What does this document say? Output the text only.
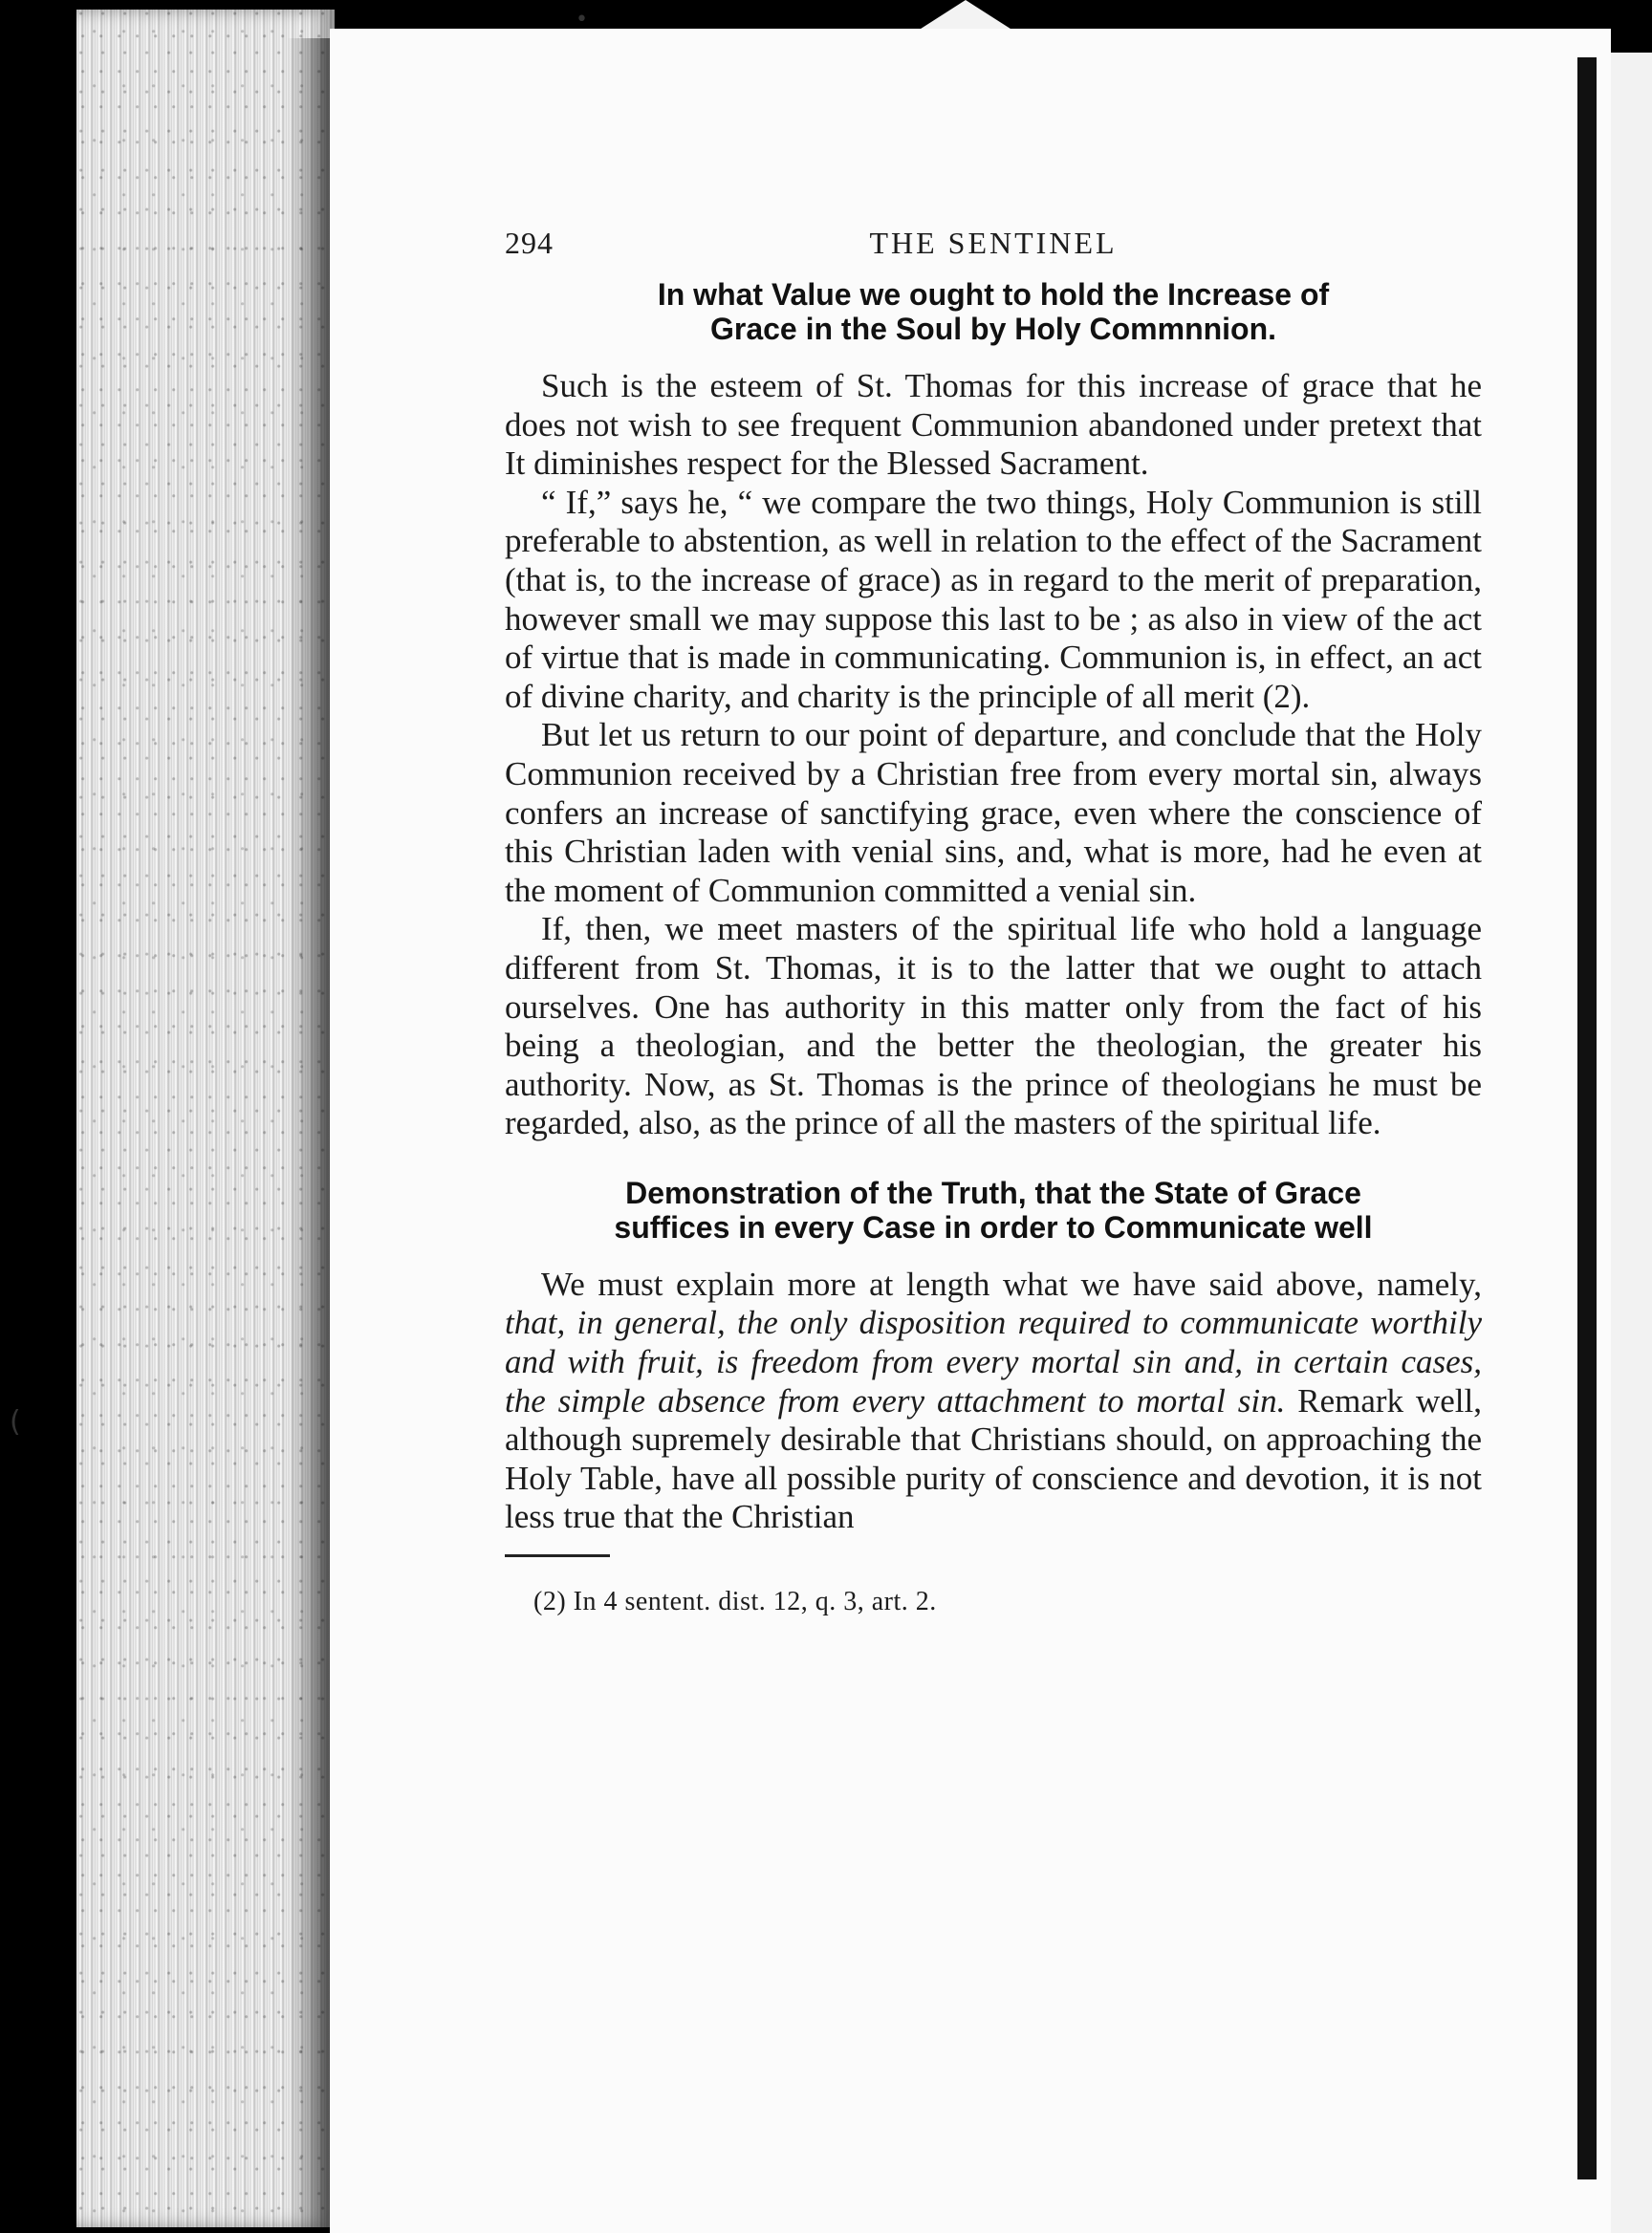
•
(
294	THE SENTINEL
In what Value we ought to hold the Increase of
Grace in the Soul by Holy Commnnion.

Such is the esteem of St. Thomas for this increase of grace that he does not wish to see frequent Communion abandoned under pretext that It diminishes respect for the Blessed Sacrament.

“ If,” says he, “ we compare the two things, Holy Communion is still preferable to abstention, as well in relation to the effect of the Sacrament (that is, to the increase of grace) as in regard to the merit of preparation, however small we may suppose this last to be ; as also in view of the act of virtue that is made in communicating. Communion is, in effect, an act of divine charity, and charity is the principle of all merit (2).

But let us return to our point of departure, and conclude that the Holy Communion received by a Christian free from every mortal sin, always confers an increase of sanctifying grace, even where the conscience of this Christian laden with venial sins, and, what is more, had he even at the moment of Communion committed a venial sin.

If, then, we meet masters of the spiritual life who hold a language different from St. Thomas, it is to the latter that we ought to attach ourselves. One has authority in this matter only from the fact of his being a theologian, and the better the theologian, the greater his authority. Now, as St. Thomas is the prince of theologians he must be regarded, also, as the prince of all the masters of the spiritual life.

Demonstration of the Truth, that the State of Grace
suffices in every Case in order to Communicate well

We must explain more at length what we have said above, namely, that, in general, the only disposition required to communicate worthily and with fruit, is freedom from every mortal sin and, in certain cases, the simple absence from every attachment to mortal sin. Remark well, although supremely desirable that Christians should, on approaching the Holy Table, have all possible purity of conscience and devotion, it is not less true that the Christian

(2) In 4 sentent. dist. 12, q. 3, art. 2.
